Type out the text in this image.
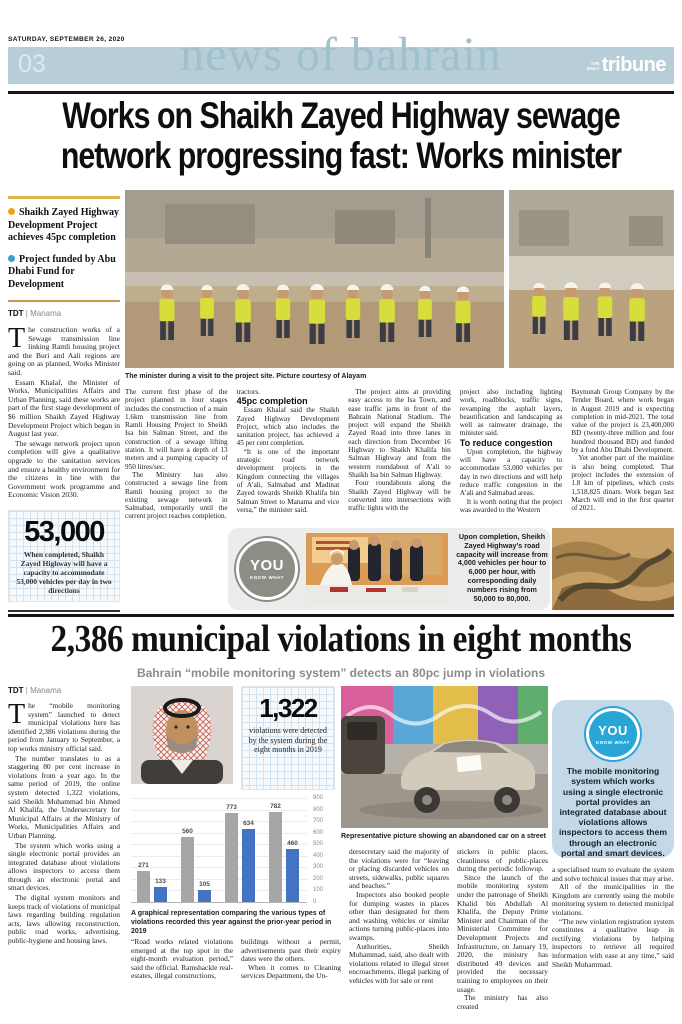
SATURDAY, SEPTEMBER 26, 2020
03	news of bahrain	THE
DAILY tribune
Works on Shaikh Zayed Highway sewage network progressing fast: Works minister
Shaikh Zayed Highway Development Project achieves 45pc completion
Project funded by Abu Dhabi Fund for Development
TDT | Manama
The construction works of a Sewage transmission line linking Ramli housing project and the Buri and Aali regions are going on as planned, Works Minister said.
Essam Khalaf, the Minister of Works, Municipalities Affairs and Urban Planning, said these works are part of the first stage development of $6 million Shaikh Zayed Highway Development Project which began in August last year.
The sewage network project upon completion will give a qualitative upgrade to the sanitation services and ensure a healthy environment for the citizens in line with the Government work programme and Economic Vision 2030.
53,000
When completed, Shaikh Zayed Highway will have a capacity to accommodate 53,000 vehicles per day in two directions
The minister during a visit to the project site. Picture courtesy of Alayam
The current first phase of the project planned in four stages includes the construction of a main 1.6km transmission line from Ramli Housing Project to Sheikh Isa bin Salman Street, and the construction of a sewage lifting station. It will have a depth of 13 meters and a pumping capacity of 950 litres/sec.
The Ministry has also constructed a sewage line from Ramli housing project to the existing sewage network in Salmabad, temporarily until the current project reaches completion.
tractors.
45pc completion
Essam Khalaf said the Shaikh Zayed Highway Development Project, which also includes the sanitation project, has achieved a 45 per cent completion.
“It is one of the important strategic road network development projects in the Kingdom connecting the villages of A’ali, Salmabad and Madinat Zayed towards Sheikh Khalifa bin Salman Street to Manama and vice versa,” the minister said.
The project aims at providing easy access to the Isa Town, and ease traffic jams in front of the Bahrain National Stadium. The project will expand the Sheikh Zayed Road into three lanes in each direction from December 16 Highway to Shaikh Khalifa bin Salman Highway and from the western roundabout of A’ali to Shaikh Isa bin Salman Highway.
Four roundabouts along the Shaikh Zayed Highway will be converted into intersections with traffic lights with the
project also including lighting work, roadblocks, traffic signs, revamping the asphalt layers, beautification and landscaping as well as rainwater drainage, the minister said.
To reduce congestion
Upon completion, the highway will have a capacity to accommodate 53,000 vehicles per day in two directions and will help reduce traffic congestion in the A’ali and Salmabad areas.
It is worth noting that the project was awarded to the Western
Baynunah Group Company by the Tender Board, where work began in August 2019 and is expecting completion in mid-2021. The total value of the project is 23,400,000 BD (twenty-three million and four hundred thousand BD) and funded by a fund Abu Dhabi Development.
Yet another part of the mainline is also being completed. That project includes the extension of 1.8 km of pipelines, which costs 1,518,825 dinars. Work began last March will end in the first quarter of 2021.
YOU
KNOW WHAT
Upon completion, Sheikh Zayed Highway’s road capacity will increase from 4,000 vehicles per hour to 6,000 per hour, with corresponding daily numbers rising from 50,000 to 80,000.
2,386 municipal violations in eight months
Bahrain “mobile monitoring system” detects an 80pc jump in violations
TDT | Manama
The “mobile monitoring system” launched to detect municipal violations here has identified 2,386 violations during the period from January to September, a top works ministry official said.
The number translates to as a staggering 80 per cent increase in violations from a year ago. In the same period of 2019, the online system detected 1,322 violations, said Sheikh Muhammad bin Ahmed Al Khalifa, the Undersecretary for Municipal Affairs at the Ministry of Works, Municipalities Affairs and Urban Planning.
The system which works using a single electronic portal provides an integrated database about violations allows inspectors to access them through an electronic portal and smart devices.
The digital system monitors and keeps track of violations of municipal laws regarding building regulation acts, laws allowing reconstruction, public road works, advertising, public-hygiene and housing laws.
1,322
violations were detected by the system during the eight months in 2019
Representative picture showing an abandoned car on a street
YOU
KNOW WHAT
The mobile monitoring system which works using a single electronic portal provides an integrated database about violations allows inspectors to access them through an electronic portal and smart devices.
271
133
560
105
773
634
782
460
0
100
200
300
400
500
600
700
800
900
A graphical representation comparing the various types of violations recorded this year against the prior-year period in 2019
“Road works related violations emerged at the top spot in the eight-month evaluation period,” said the official. Ramshackle real-estates, illegal constructions,
buildings without a permit, advertisements past their expiry dates were the others.
When it comes to Cleaning services Department, the Un-
dersecretary said the majority of the violations were for “leaving or placing discarded vehicles on streets, sidewalks, public squares and beaches.”
Inspectors also booked people for dumping wastes in places other than designated for them and washing vehicles or similar actions turning public-places into swamps.
Authorities, Sheikh Muhammad, said, also dealt with violations related to illegal street encroachments, illegal parking of vehicles with for sale or rent
stickers in public places, cleanliness of public-places during the periodic followup.
Since the launch of the mobile monitoring system under the patronage of Sheikh Khalid bin Abdullah Al Khalifa, the Deputy Prime Minister and Chairman of the Ministerial Committee for Development Projects and Infrastructure, on January 19, 2020, the ministry has distributed 49 devices and provided the necessary training to employees on their usage.
The ministry has also created
a specialised team to evaluate the system and solve technical issues that may arise.
All of the municipalities in the Kingdom are currently using the mobile monitoring system to detected municipal violations.
“The new violation registration system constitutes a qualitative leap in rectifying violations by helping inspectors to retrieve all required information with ease at any time,” said Sheikh Muhammad.
